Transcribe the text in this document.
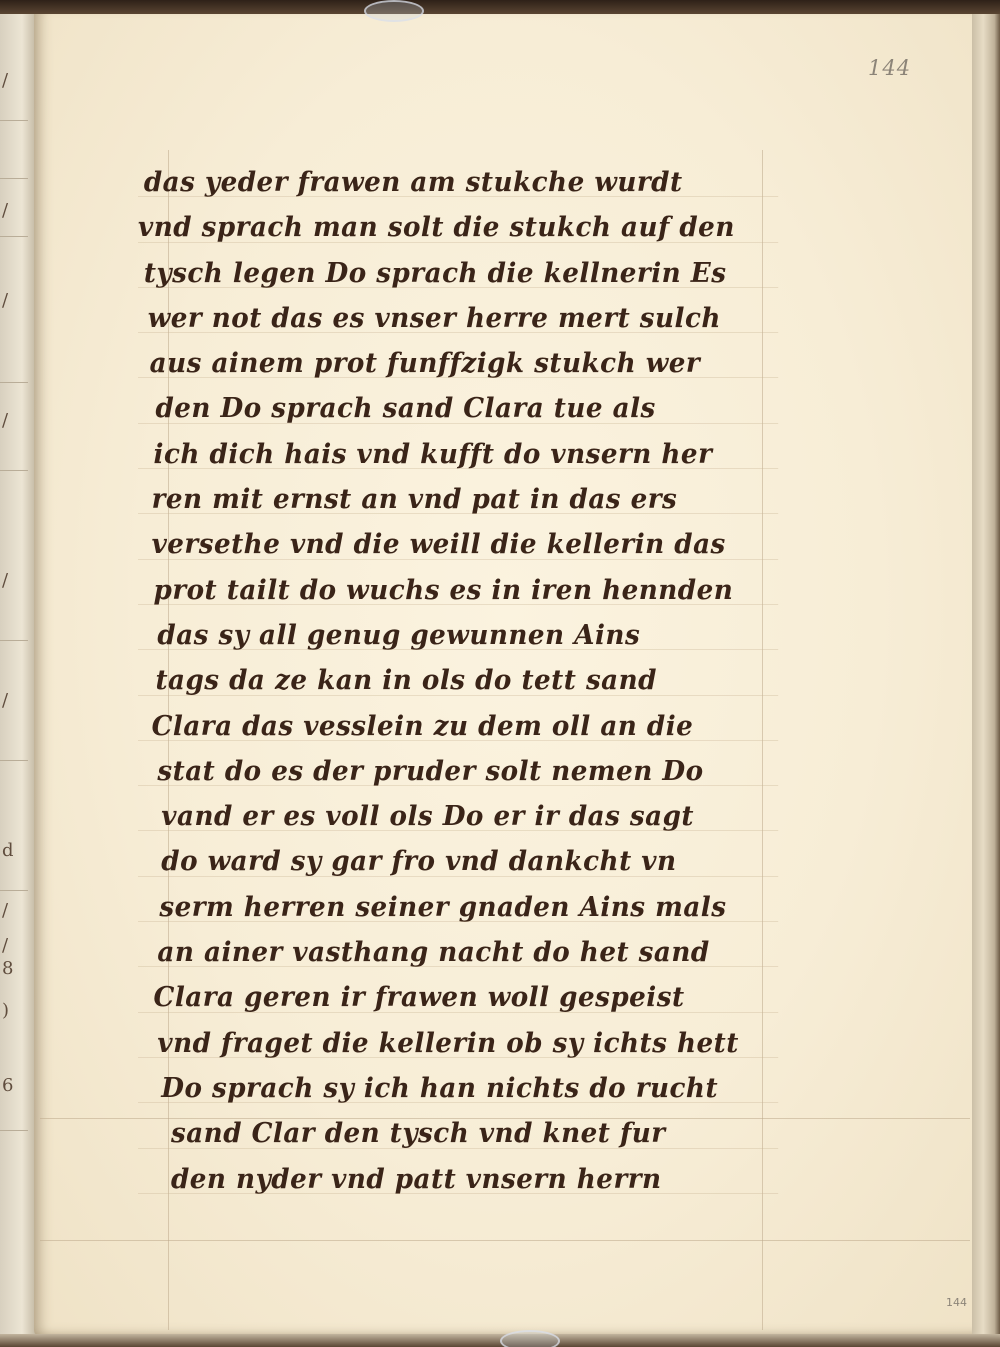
/
/
/
/
/
/
d
/
/
8
)
6
144
144
das yeder frawen am stukche wurdt
vnd sprach man solt die stukch auf den
tysch legen Do sprach die kellnerin Es
wer not das es vnser herre mert sulch
aus ainem prot funffzigk stukch wer
den Do sprach sand Clara tue als
ich dich hais vnd kufft do vnsern her
ren mit ernst an vnd pat in das ers
versethe vnd die weill die kellerin das
prot tailt do wuchs es in iren hennden
das sy all genug gewunnen Ains
tags da ze kan in ols do tett sand
Clara das vesslein zu dem oll an die
stat do es der pruder solt nemen Do
vand er es voll ols Do er ir das sagt
do ward sy gar fro vnd dankcht vn
serm herren seiner gnaden Ains mals
an ainer vasthang nacht do het sand
Clara geren ir frawen woll gespeist
vnd fraget die kellerin ob sy ichts hett
Do sprach sy ich han nichts do rucht
sand Clar den tysch vnd knet fur
den nyder vnd patt vnsern herrn
